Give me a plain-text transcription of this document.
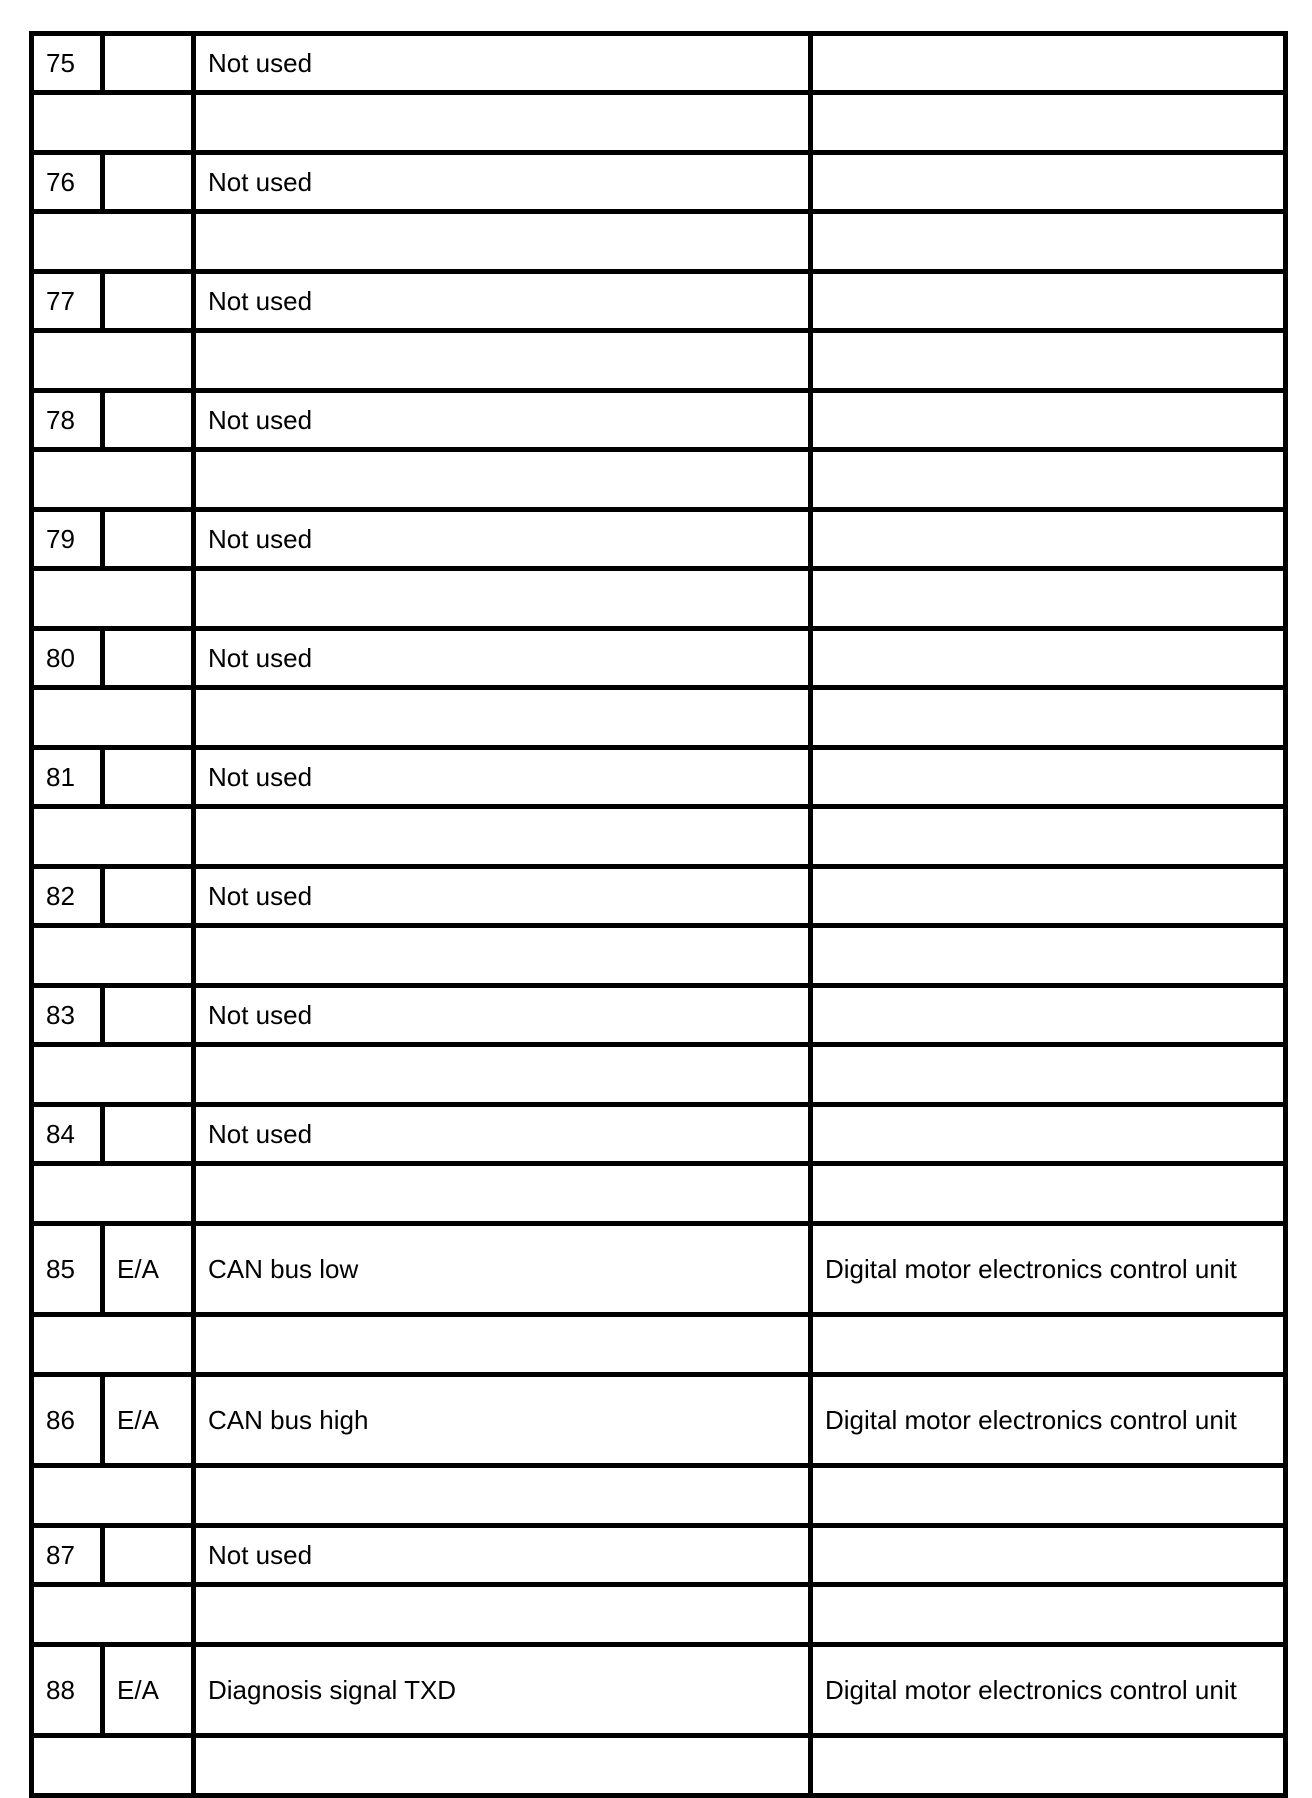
75		Not used	

76		Not used	

77		Not used	

78		Not used	

79		Not used	

80		Not used	

81		Not used	

82		Not used	

83		Not used	

84		Not used	

85	E/A	CAN bus low	Digital motor electronics control unit

86	E/A	CAN bus high	Digital motor electronics control unit

87		Not used	

88	E/A	Diagnosis signal TXD	Digital motor electronics control unit
